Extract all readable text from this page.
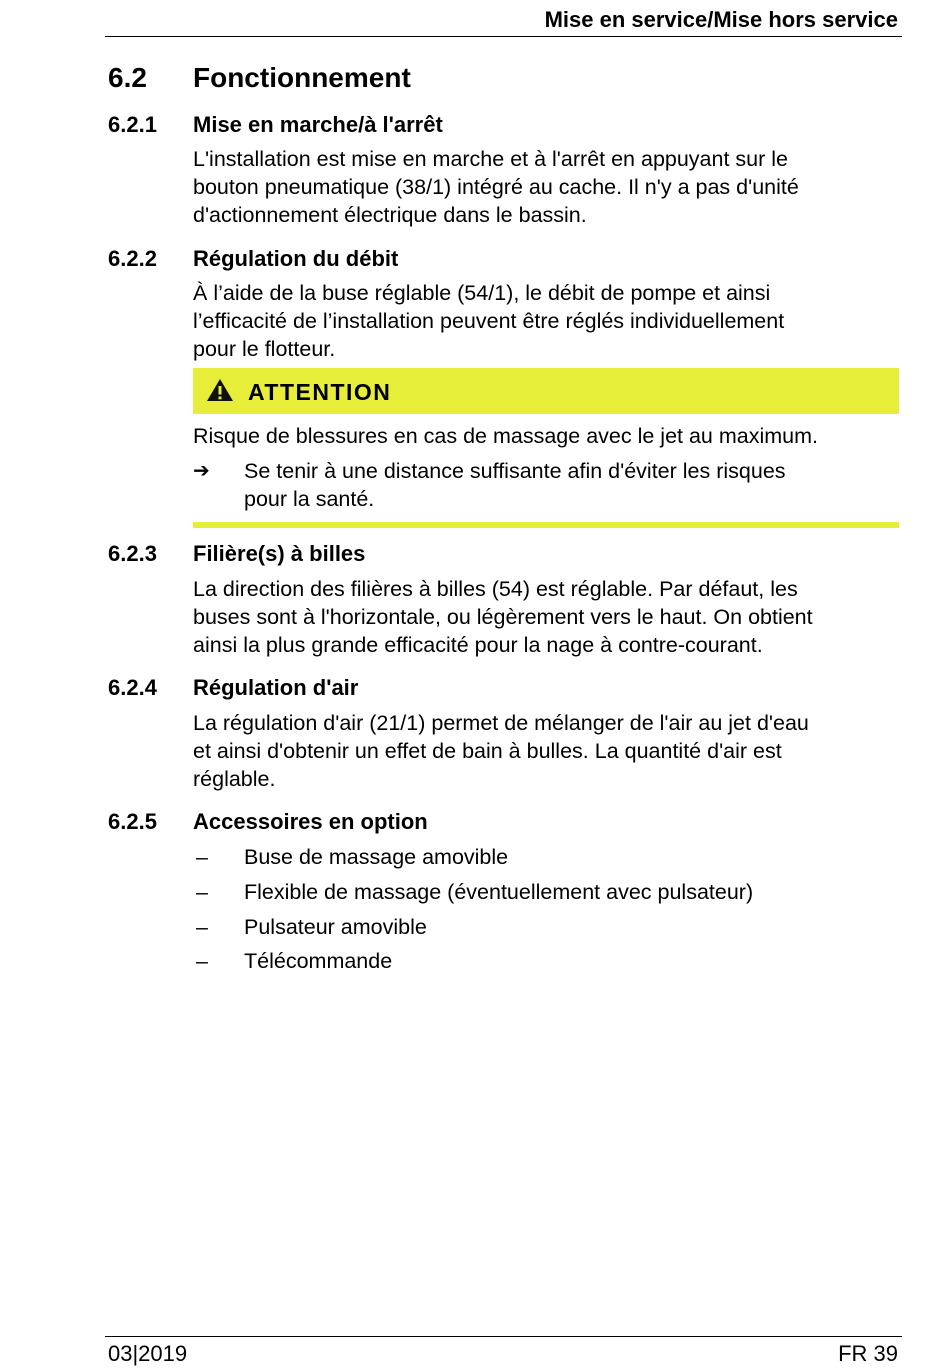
Mise en service/Mise hors service
6.2 Fonctionnement
6.2.1 Mise en marche/à l'arrêt

L'installation est mise en marche et à l'arrêt en appuyant sur le

bouton pneumatique (38/1) intégré au cache. Il n'y a pas d'unité

d'actionnement électrique dans le bassin.

6.2.2 Régulation du débit

À l’aide de la buse réglable (54/1), le débit de pompe et ainsi

l’efficacité de l’installation peuvent être réglés individuellement

pour le flotteur.

ATTENTION
Risque de blessures en cas de massage avec le jet au maximum.
➔ Se tenir à une distance suffisante afin d'éviter les risques
pour la santé.
6.2.3 Filière(s) à billes

La direction des filières à billes (54) est réglable. Par défaut, les

buses sont à l'horizontale, ou légèrement vers le haut. On obtient

ainsi la plus grande efficacité pour la nage à contre-courant.

6.2.4 Régulation d'air

La régulation d'air (21/1) permet de mélanger de l'air au jet d'eau

et ainsi d'obtenir un effet de bain à bulles. La quantité d'air est

réglable.

6.2.5 Accessoires en option
– Buse de massage amovible
– Flexible de massage (éventuellement avec pulsateur)
– Pulsateur amovible
– Télécommande
03|2019	FR 39
